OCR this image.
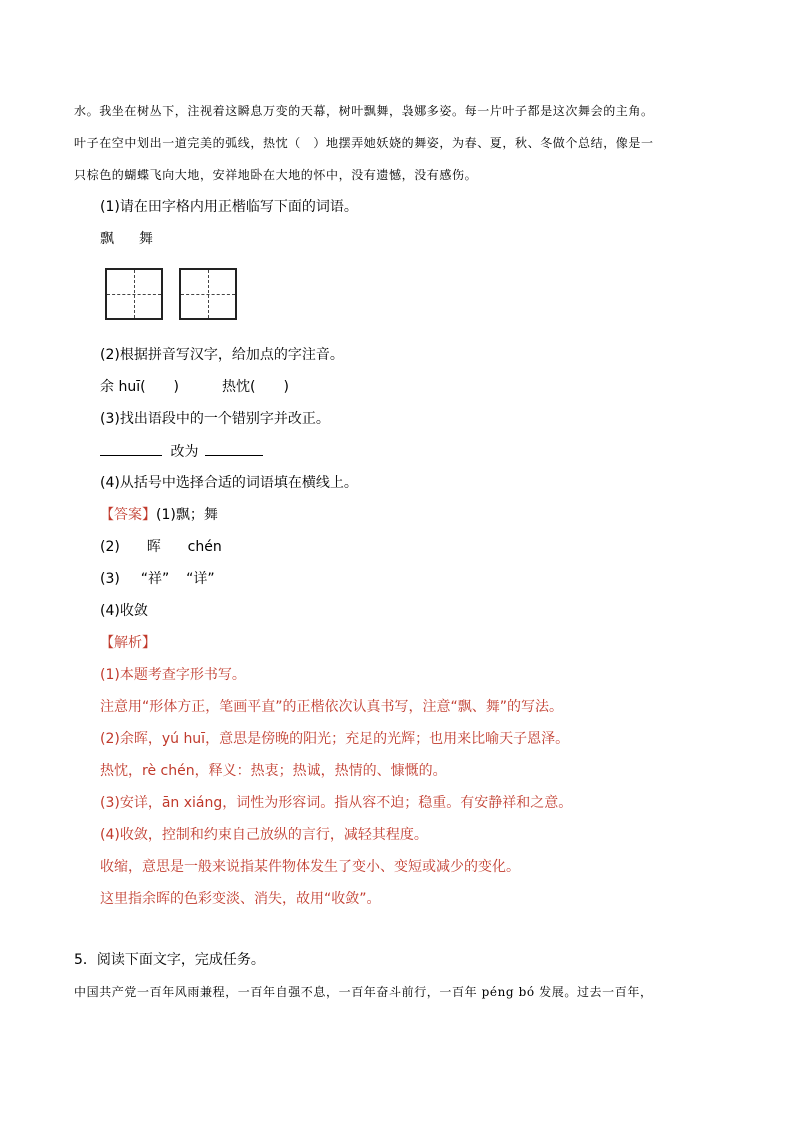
水。我坐在树丛下，注视着这瞬息万变的天幕，树叶飘舞，袅娜多姿。每一片叶子都是这次舞会的主角。
叶子在空中划出一道完美的弧线，热忱（　）地摆弄她妖娆的舞姿，为春、夏，秋、冬做个总结，像是一
只棕色的蝴蝶飞向大地，安祥地卧在大地的怀中，没有遗憾，没有感伤。
(1)请在田字格内用正楷临写下面的词语。
飘 舞
(2)根据拼音写汉字，给加点的字注音。
余 huī(　　)	热忱(　　)
(3)找出语段中的一个错别字并改正。
改为
(4)从括号中选择合适的词语填在横线上。
【答案】(1)飘；舞
(2) 晖 chén
(3) “祥” “详”
(4)收敛
【解析】
(1)本题考查字形书写。
注意用“形体方正，笔画平直”的正楷依次认真书写，注意“飘、舞”的写法。
(2)余晖，yú huī，意思是傍晚的阳光；充足的光辉；也用来比喻天子恩泽。
热忱，rè chén，释义：热衷；热诚，热情的、慷慨的。
(3)安详，ān xiáng，词性为形容词。指从容不迫；稳重。有安静祥和之意。
(4)收敛，控制和约束自己放纵的言行，减轻其程度。
收缩，意思是一般来说指某件物体发生了变小、变短或减少的变化。
这里指余晖的色彩变淡、消失，故用“收敛”。
5．阅读下面文字，完成任务。
中国共产党一百年风雨兼程，一百年自强不息，一百年奋斗前行，一百年 péng bó 发展。过去一百年，
